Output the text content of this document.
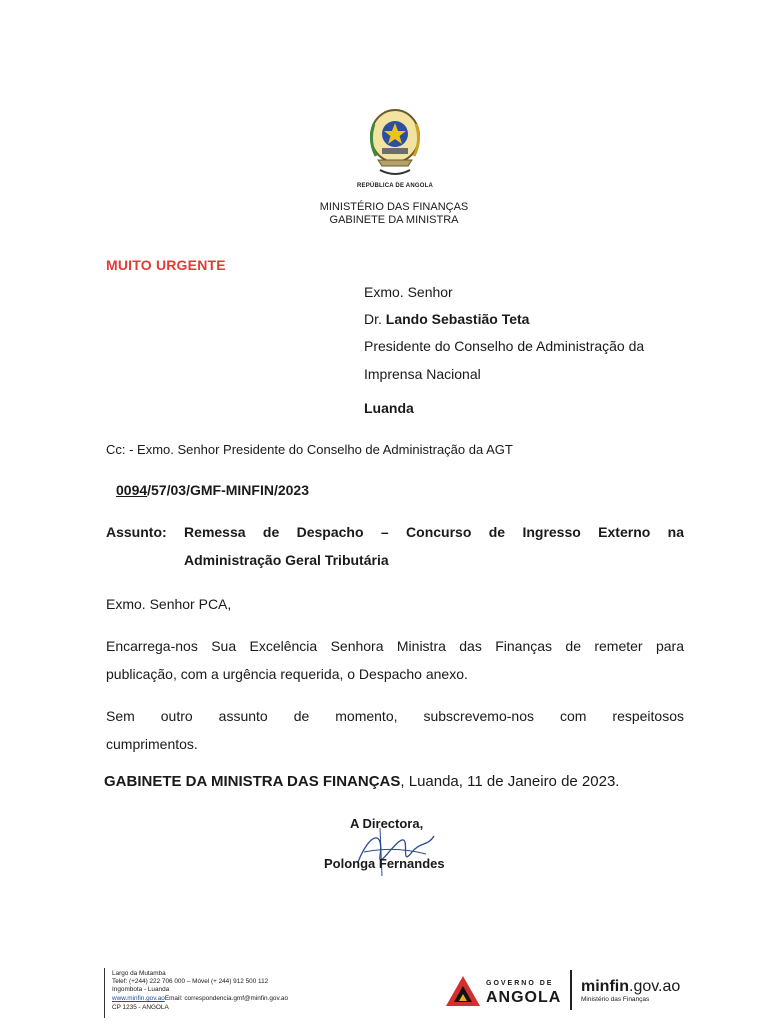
REPÚBLICA DE ANGOLA
MINISTÉRIO DAS FINANÇAS
GABINETE DA MINISTRA
MUITO URGENTE
Exmo. Senhor
Dr. Lando Sebastião Teta
Presidente do Conselho de Administração da
Imprensa Nacional
Luanda
Cc: - Exmo. Senhor Presidente do Conselho de Administração da AGT
0094/57/03/GMF-MINFIN/2023
Assunto: Remessa de Despacho – Concurso de Ingresso Externo na
Administração Geral Tributária
Exmo. Senhor PCA,
Encarrega-nos Sua Excelência Senhora Ministra das Finanças de remeter para
publicação, com a urgência requerida, o Despacho anexo.
Sem outro assunto de momento, subscrevemo-nos com respeitosos
cumprimentos.
GABINETE DA MINISTRA DAS FINANÇAS, Luanda, 11 de Janeiro de 2023.
A Directora,
Polonga Fernandes
Largo da Mutamba
Telef: (+244) 222 706 000 – Móvel (+ 244) 912 500 112
Ingombota - Luanda
www.minfin.gov.aoEmail: correspondencia.gmf@minfin.gov.ao
CP 1235 - ANGOLA
GOVERNO DE
ANGOLA
minfin.gov.ao
Ministério das Finanças
